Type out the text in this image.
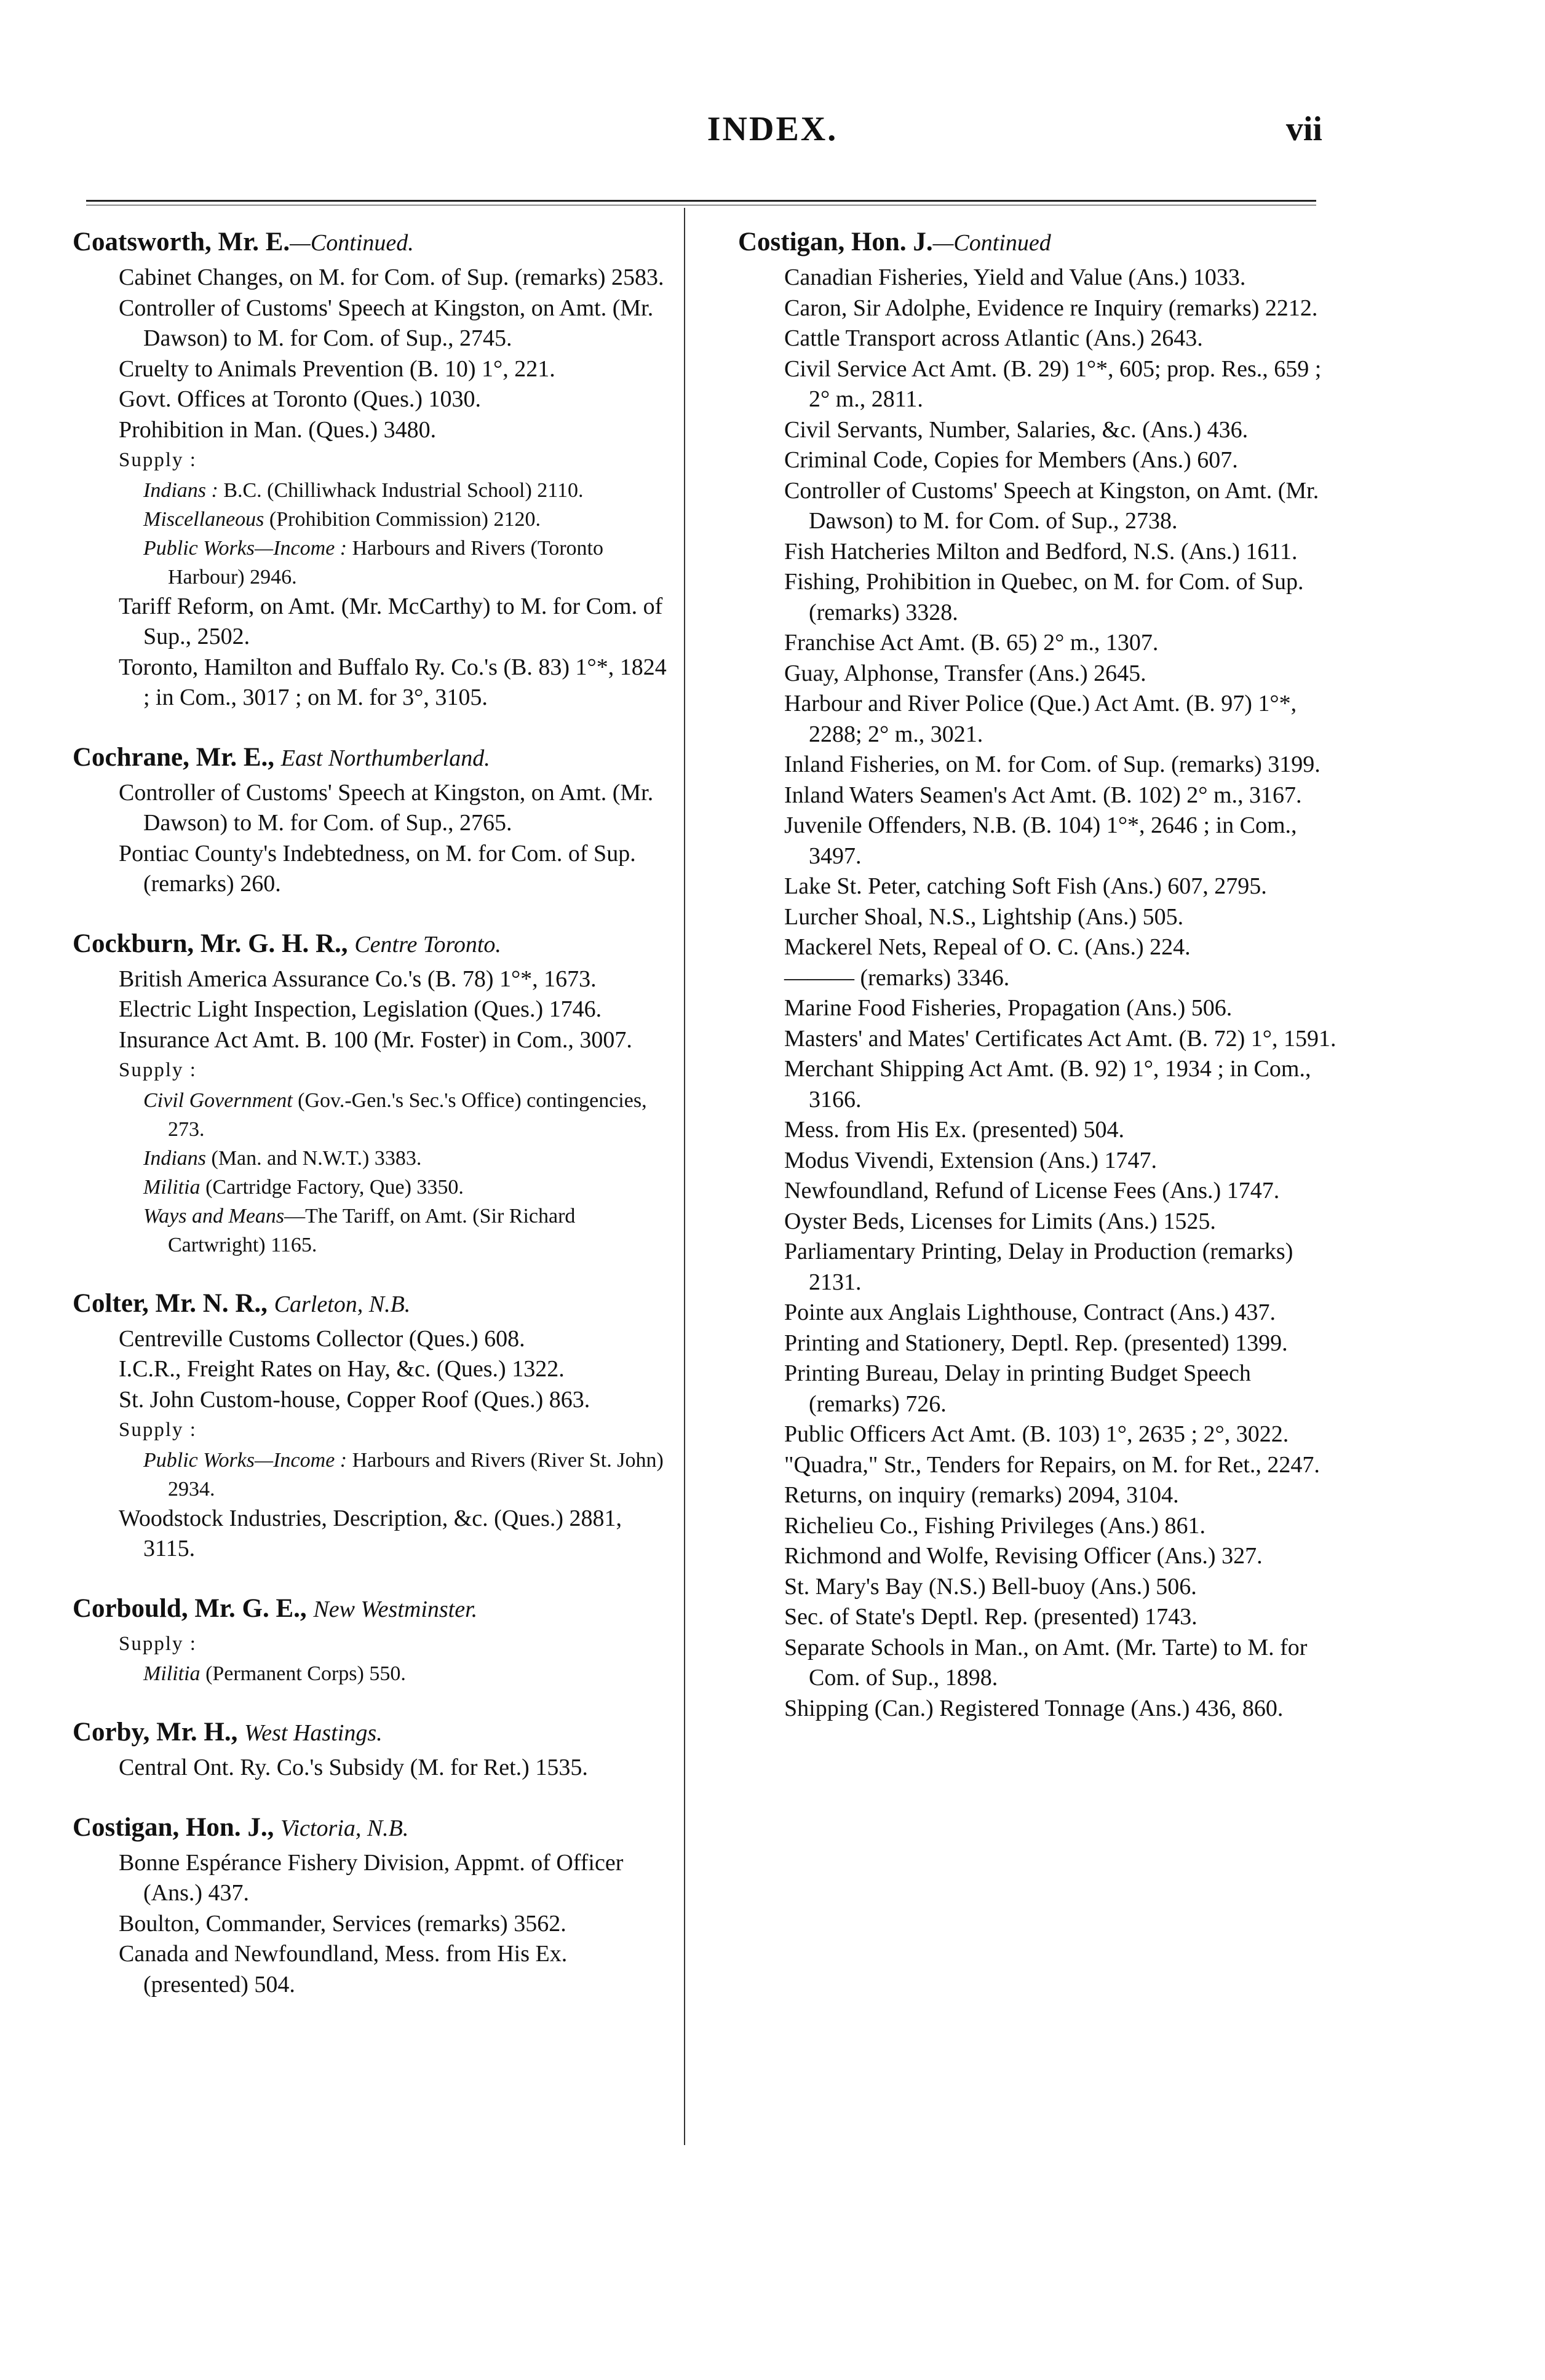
INDEX.	vii

Coatsworth, Mr. E.—Continued.

Cabinet Changes, on M. for Com. of Sup. (remarks) 2583.

Controller of Customs' Speech at Kingston, on Amt. (Mr. Dawson) to M. for Com. of Sup., 2745.

Cruelty to Animals Prevention (B. 10) 1°, 221.

Govt. Offices at Toronto (Ques.) 1030.

Prohibition in Man. (Ques.) 3480.

Supply :

Indians : B.C. (Chilliwhack Industrial School) 2110.

Miscellaneous (Prohibition Commission) 2120.

Public Works—Income : Harbours and Rivers (Toronto Harbour) 2946.

Tariff Reform, on Amt. (Mr. McCarthy) to M. for Com. of Sup., 2502.

Toronto, Hamilton and Buffalo Ry. Co.'s (B. 83) 1°*, 1824 ; in Com., 3017 ; on M. for 3°, 3105.

Cochrane, Mr. E., East Northumberland.

Controller of Customs' Speech at Kingston, on Amt. (Mr. Dawson) to M. for Com. of Sup., 2765.

Pontiac County's Indebtedness, on M. for Com. of Sup. (remarks) 260.

Cockburn, Mr. G. H. R., Centre Toronto.

British America Assurance Co.'s (B. 78) 1°*, 1673.

Electric Light Inspection, Legislation (Ques.) 1746.

Insurance Act Amt. B. 100 (Mr. Foster) in Com., 3007.

Supply :

Civil Government (Gov.-Gen.'s Sec.'s Office) contingencies, 273.

Indians (Man. and N.W.T.) 3383.

Militia (Cartridge Factory, Que) 3350.

Ways and Means—The Tariff, on Amt. (Sir Richard Cartwright) 1165.

Colter, Mr. N. R., Carleton, N.B.

Centreville Customs Collector (Ques.) 608.

I.C.R., Freight Rates on Hay, &c. (Ques.) 1322.

St. John Custom-house, Copper Roof (Ques.) 863.

Supply :

Public Works—Income : Harbours and Rivers (River St. John) 2934.

Woodstock Industries, Description, &c. (Ques.) 2881, 3115.

Corbould, Mr. G. E., New Westminster.

Supply :

Militia (Permanent Corps) 550.

Corby, Mr. H., West Hastings.

Central Ont. Ry. Co.'s Subsidy (M. for Ret.) 1535.

Costigan, Hon. J., Victoria, N.B.

Bonne Espérance Fishery Division, Appmt. of Officer (Ans.) 437.

Boulton, Commander, Services (remarks) 3562.

Canada and Newfoundland, Mess. from His Ex. (presented) 504.

Costigan, Hon. J.—Continued

Canadian Fisheries, Yield and Value (Ans.) 1033.

Caron, Sir Adolphe, Evidence re Inquiry (remarks) 2212.

Cattle Transport across Atlantic (Ans.) 2643.

Civil Service Act Amt. (B. 29) 1°*, 605; prop. Res., 659 ; 2° m., 2811.

Civil Servants, Number, Salaries, &c. (Ans.) 436.

Criminal Code, Copies for Members (Ans.) 607.

Controller of Customs' Speech at Kingston, on Amt. (Mr. Dawson) to M. for Com. of Sup., 2738.

Fish Hatcheries Milton and Bedford, N.S. (Ans.) 1611.

Fishing, Prohibition in Quebec, on M. for Com. of Sup. (remarks) 3328.

Franchise Act Amt. (B. 65) 2° m., 1307.

Guay, Alphonse, Transfer (Ans.) 2645.

Harbour and River Police (Que.) Act Amt. (B. 97) 1°*, 2288; 2° m., 3021.

Inland Fisheries, on M. for Com. of Sup. (remarks) 3199.

Inland Waters Seamen's Act Amt. (B. 102) 2° m., 3167.

Juvenile Offenders, N.B. (B. 104) 1°*, 2646 ; in Com., 3497.

Lake St. Peter, catching Soft Fish (Ans.) 607, 2795.

Lurcher Shoal, N.S., Lightship (Ans.) 505.

Mackerel Nets, Repeal of O. C. (Ans.) 224.

——— (remarks) 3346.

Marine Food Fisheries, Propagation (Ans.) 506.

Masters' and Mates' Certificates Act Amt. (B. 72) 1°, 1591.

Merchant Shipping Act Amt. (B. 92) 1°, 1934 ; in Com., 3166.

Mess. from His Ex. (presented) 504.

Modus Vivendi, Extension (Ans.) 1747.

Newfoundland, Refund of License Fees (Ans.) 1747.

Oyster Beds, Licenses for Limits (Ans.) 1525.

Parliamentary Printing, Delay in Production (remarks) 2131.

Pointe aux Anglais Lighthouse, Contract (Ans.) 437.

Printing and Stationery, Deptl. Rep. (presented) 1399.

Printing Bureau, Delay in printing Budget Speech (remarks) 726.

Public Officers Act Amt. (B. 103) 1°, 2635 ; 2°, 3022.

"Quadra," Str., Tenders for Repairs, on M. for Ret., 2247.

Returns, on inquiry (remarks) 2094, 3104.

Richelieu Co., Fishing Privileges (Ans.) 861.

Richmond and Wolfe, Revising Officer (Ans.) 327.

St. Mary's Bay (N.S.) Bell-buoy (Ans.) 506.

Sec. of State's Deptl. Rep. (presented) 1743.

Separate Schools in Man., on Amt. (Mr. Tarte) to M. for Com. of Sup., 1898.

Shipping (Can.) Registered Tonnage (Ans.) 436, 860.
